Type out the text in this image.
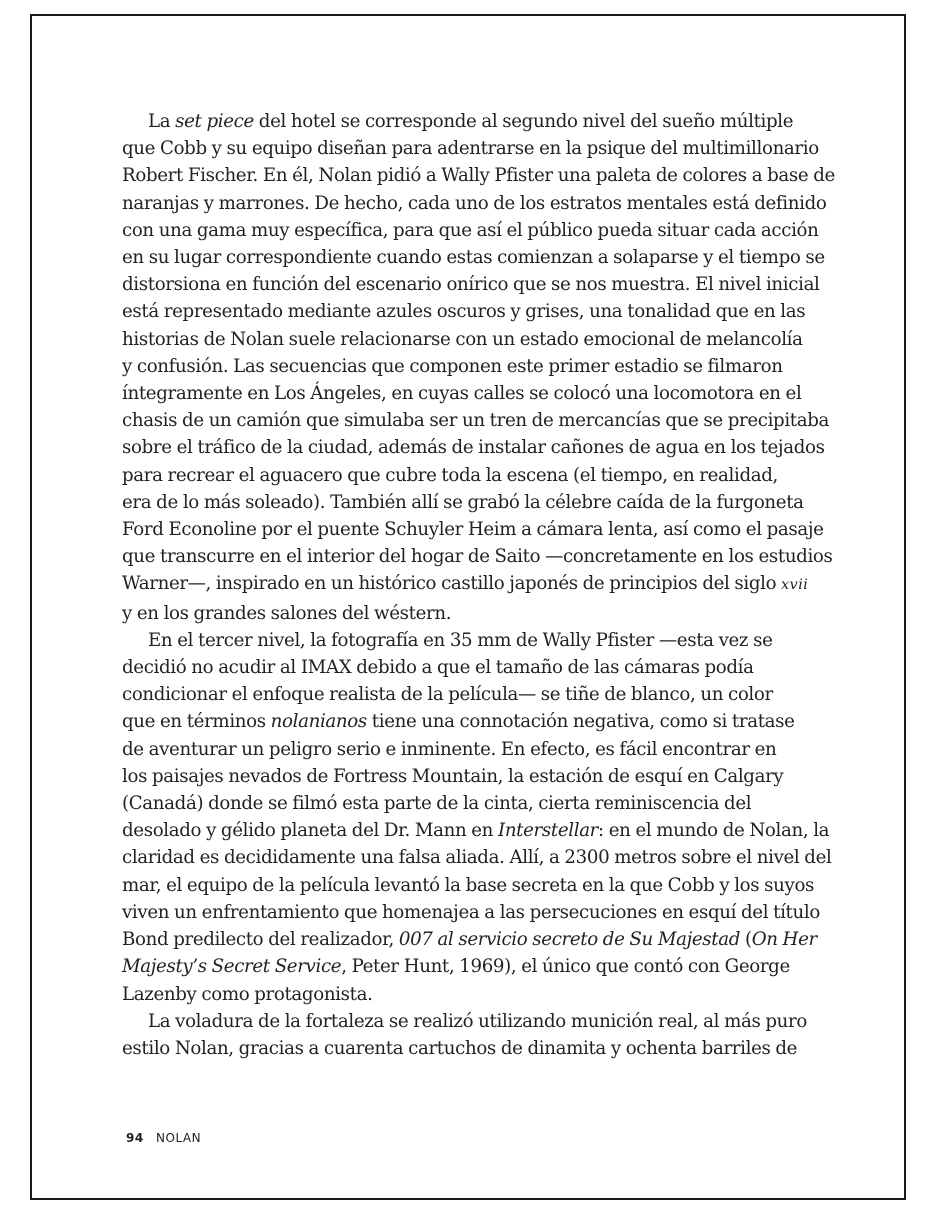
La set piece del hotel se corresponde al segundo nivel del sueño múltiple
que Cobb y su equipo diseñan para adentrarse en la psique del multimillonario
Robert Fischer. En él, Nolan pidió a Wally Pfister una paleta de colores a base de
naranjas y marrones. De hecho, cada uno de los estratos mentales está definido
con una gama muy específica, para que así el público pueda situar cada acción
en su lugar correspondiente cuando estas comienzan a solaparse y el tiempo se
distorsiona en función del escenario onírico que se nos muestra. El nivel inicial
está representado mediante azules oscuros y grises, una tonalidad que en las
historias de Nolan suele relacionarse con un estado emocional de melancolía
y confusión. Las secuencias que componen este primer estadio se filmaron
íntegramente en Los Ángeles, en cuyas calles se colocó una locomotora en el
chasis de un camión que simulaba ser un tren de mercancías que se precipitaba
sobre el tráfico de la ciudad, además de instalar cañones de agua en los tejados
para recrear el aguacero que cubre toda la escena (el tiempo, en realidad,
era de lo más soleado). También allí se grabó la célebre caída de la furgoneta
Ford Econoline por el puente Schuyler Heim a cámara lenta, así como el pasaje
que transcurre en el interior del hogar de Saito —concretamente en los estudios
Warner—, inspirado en un histórico castillo japonés de principios del siglo xvii
y en los grandes salones del wéstern.
En el tercer nivel, la fotografía en 35 mm de Wally Pfister —esta vez se
decidió no acudir al IMAX debido a que el tamaño de las cámaras podía
condicionar el enfoque realista de la película— se tiñe de blanco, un color
que en términos nolanianos tiene una connotación negativa, como si tratase
de aventurar un peligro serio e inminente. En efecto, es fácil encontrar en
los paisajes nevados de Fortress Mountain, la estación de esquí en Calgary
(Canadá) donde se filmó esta parte de la cinta, cierta reminiscencia del
desolado y gélido planeta del Dr. Mann en Interstellar: en el mundo de Nolan, la
claridad es decididamente una falsa aliada. Allí, a 2300 metros sobre el nivel del
mar, el equipo de la película levantó la base secreta en la que Cobb y los suyos
viven un enfrentamiento que homenajea a las persecuciones en esquí del título
Bond predilecto del realizador, 007 al servicio secreto de Su Majestad (On Her
Majesty’s Secret Service, Peter Hunt, 1969), el único que contó con George
Lazenby como protagonista.
La voladura de la fortaleza se realizó utilizando munición real, al más puro
estilo Nolan, gracias a cuarenta cartuchos de dinamita y ochenta barriles de
94 NOLAN
